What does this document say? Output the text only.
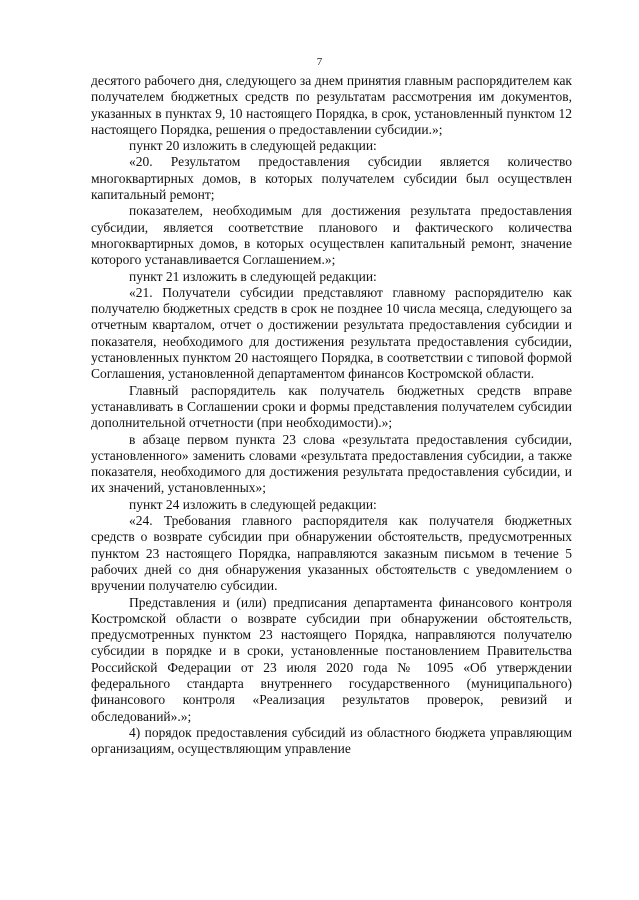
7

десятого рабочего дня, следующего за днем принятия главным распорядителем как получателем бюджетных средств по результатам рассмотрения им документов, указанных в пунктах 9, 10 настоящего Порядка, в срок, установленный пунктом 12 настоящего Порядка, решения о предоставлении субсидии.»;

пункт 20 изложить в следующей редакции:

«20. Результатом предоставления субсидии является количество многоквартирных домов, в которых получателем субсидии был осуществлен капитальный ремонт;

показателем, необходимым для достижения результата предоставления субсидии, является соответствие планового и фактического количества многоквартирных домов, в которых осуществлен капитальный ремонт, значение которого устанавливается Соглашением.»;

пункт 21 изложить в следующей редакции:

«21. Получатели субсидии представляют главному распорядителю как получателю бюджетных средств в срок не позднее 10 числа месяца, следующего за отчетным кварталом, отчет о достижении результата предоставления субсидии и показателя, необходимого для достижения результата предоставления субсидии, установленных пунктом 20 настоящего Порядка, в соответствии с типовой формой Соглашения, установленной департаментом финансов Костромской области.

Главный распорядитель как получатель бюджетных средств вправе устанавливать в Соглашении сроки и формы представления получателем субсидии дополнительной отчетности (при необходимости).»;

в абзаце первом пункта 23 слова «результата предоставления субсидии, установленного» заменить словами «результата предоставления субсидии, а также показателя, необходимого для достижения результата предоставления субсидии, и их значений, установленных»;

пункт 24 изложить в следующей редакции:

«24. Требования главного распорядителя как получателя бюджетных средств о возврате субсидии при обнаружении обстоятельств, предусмотренных пунктом 23 настоящего Порядка, направляются заказным письмом в течение 5 рабочих дней со дня обнаружения указанных обстоятельств с уведомлением о вручении получателю субсидии.

Представления и (или) предписания департамента финансового контроля Костромской области о возврате субсидии при обнаружении обстоятельств, предусмотренных пунктом 23 настоящего Порядка, направляются получателю субсидии в порядке и в сроки, установленные постановлением Правительства Российской Федерации от 23 июля 2020 года № 1095 «Об утверждении федерального стандарта внутреннего государственного (муниципального) финансового контроля «Реализация результатов проверок, ревизий и обследований».»;

4) порядок предоставления субсидий из областного бюджета управляющим организациям, осуществляющим управление
